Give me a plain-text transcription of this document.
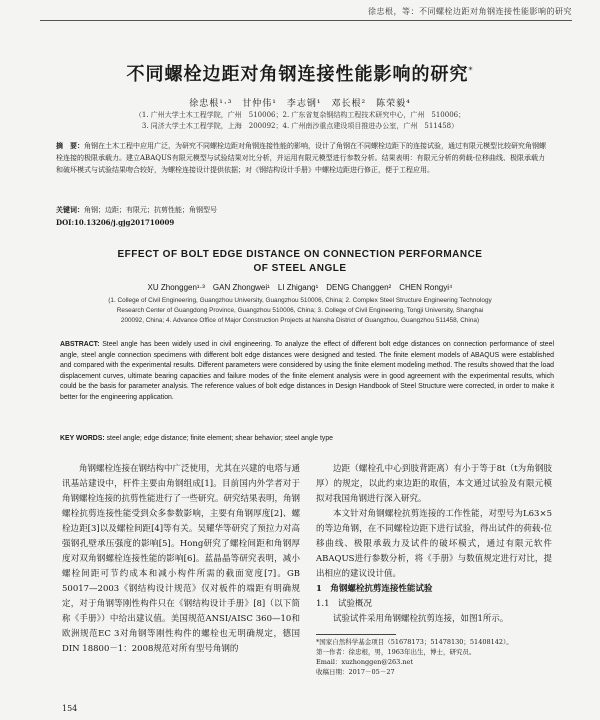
徐忠根，等：不同螺栓边距对角钢连接性能影响的研究
不同螺栓边距对角钢连接性能影响的研究*
徐忠根¹·³　甘仲伟¹　李志钢¹　邓长根²　陈荣毅⁴
（1. 广州大学土木工程学院，广州　510006；2. 广东省复杂钢结构工程技术研究中心，广州　510006；
3. 同济大学土木工程学院，上海　200092；4. 广州南沙重点建设项目推进办公室，广州　511458）
摘　要：角钢在土木工程中应用广泛，为研究不同螺栓边距对角钢连接性能的影响，设计了角钢在不同螺栓边距下的连接试验，通过有限元模型比较研究角钢螺栓连接的极限承载力。建立ABAQUS有限元模型与试验结果对比分析，并运用有限元模型进行参数分析。结果表明：有限元分析的荷载-位移曲线、极限承载力和破坏模式与试验结果吻合较好，为螺栓连接设计提供依据；对《钢结构设计手册》中螺栓边距进行修正，便于工程应用。
关键词：角钢；边距；有限元；抗剪性能；角钢型号
DOI:10.13206/j.gjg201710009
EFFECT OF BOLT EDGE DISTANCE ON CONNECTION PERFORMANCE
OF STEEL ANGLE
XU Zhonggen¹·³　GAN Zhongwei¹　LI Zhigang¹　DENG Changgen²　CHEN Rongyi⁴
(1. College of Civil Engineering, Guangzhou University, Guangzhou 510006, China; 2. Complex Steel Structure Engineering Technology
Research Center of Guangdong Province, Guangzhou 510006, China; 3. College of Civil Engineering, Tongji University, Shanghai
200092, China; 4. Advance Office of Major Construction Projects at Nansha District of Guangzhou, Guangzhou 511458, China)
ABSTRACT: Steel angle has been widely used in civil engineering. To analyze the effect of different bolt edge distances on connection performance of steel angle, steel angle connection specimens with different bolt edge distances were designed and tested. The finite element models of ABAQUS were established and compared with the experimental results. Different parameters were considered by using the finite element modeling method. The results showed that the load displacement curves, ultimate bearing capacities and failure modes of the finite element analysis were in good agreement with the experimental results, which could be the basis for parameter analysis. The reference values of bolt edge distances in Design Handbook of Steel Structure were corrected, in order to make it better for the engineering application.
KEY WORDS: steel angle; edge distance; finite element; shear behavior; steel angle type

角钢螺栓连接在钢结构中广泛使用，尤其在兴建的电塔与通讯基站建设中，杆件主要由角钢组成[1]。目前国内外学者对于角钢螺栓连接的抗剪性能进行了一些研究。研究结果表明，角钢螺栓抗剪连接性能受到众多参数影响，主要有角钢厚度[2]、螺栓边距[3]以及螺栓间距[4]等有关。吴耀华等研究了预拉力对高强钢孔壁承压强度的影响[5]。Hong研究了螺栓间距和角钢厚度对双角钢螺栓连接性能的影响[6]。蓝晶晶等研究表明，减小螺栓间距可节约成本和减小构件所需的截面宽度[7]。GB 50017—2003《钢结构设计规范》仅对板件的端距有明确规定，对于角钢等刚性构件只在《钢结构设计手册》[8]（以下简称《手册》）中给出建议值。美国规范ANSI/AISC 360—10和欧洲规范EC 3对角钢等刚性构件的螺栓也无明确规定，德国DIN 18800－1：2008规范对所有型号角钢的

边距（螺栓孔中心到肢背距离）有小于等于8t（t为角钢肢厚）的规定，以此约束边距的取值，本文通过试验及有限元模拟对我国角钢进行深入研究。

本文针对角钢螺栓抗剪连接的工作性能，对型号为L63×5的等边角钢，在不同螺栓边距下进行试验，得出试件的荷载-位移曲线、极限承载力及试件的破坏模式，通过有限元软件ABAQUS进行参数分析，将《手册》与数值规定进行对比，提出相应的建议设计值。

1　角钢螺栓抗剪连接性能试验

1.1　试验概况

试验试件采用角钢螺栓抗剪连接，如图1所示。

*国家自然科学基金项目（51678173；51478130；51408142）。
第一作者：徐忠根，男，1963年出生，博士，研究员。
Email：xuzhonggen@263.net
收稿日期：2017－05－27
154
